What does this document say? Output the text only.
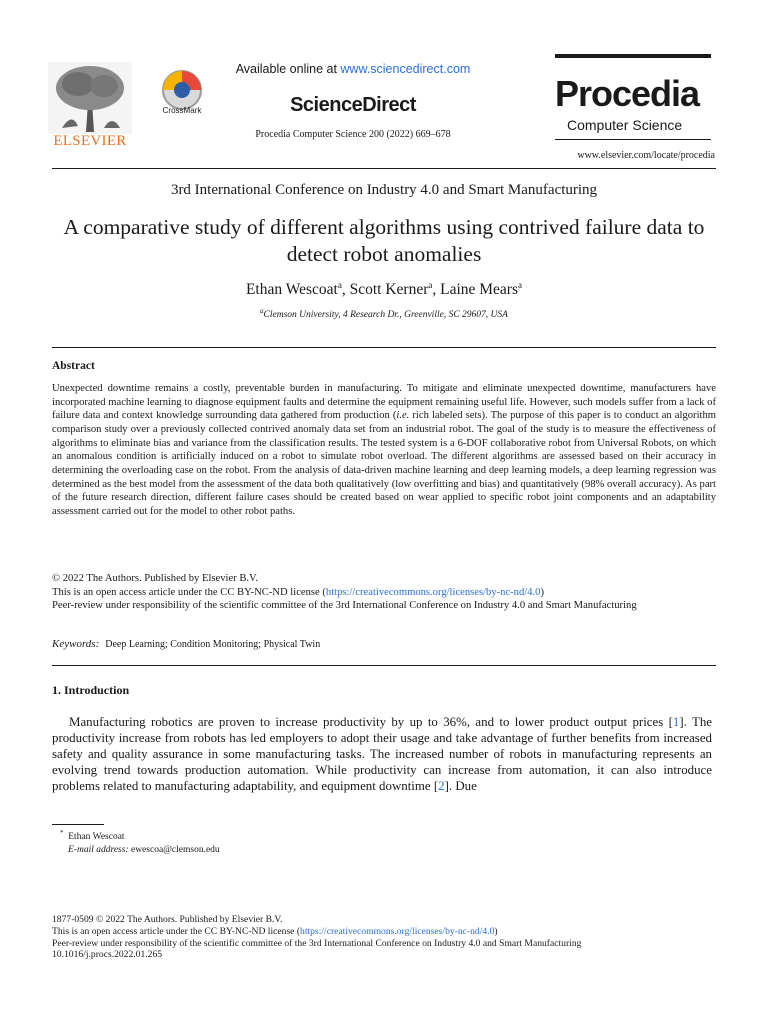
ELSEVIER
CrossMark
Available online at www.sciencedirect.com
ScienceDirect
Procedia Computer Science 200 (2022) 669–678
Procedia
Computer Science
www.elsevier.com/locate/procedia
3rd International Conference on Industry 4.0 and Smart Manufacturing
A comparative study of different algorithms using contrived failure data to detect robot anomalies
Ethan Wescoat$^a$, Scott Kerner$^a$, Laine Mears$^a$
$^a$Clemson University, 4 Research Dr., Greenville, SC 29607, USA
Abstract
Unexpected downtime remains a costly, preventable burden in manufacturing. To mitigate and eliminate unexpected downtime, manufacturers have incorporated machine learning to diagnose equipment faults and determine the equipment remaining useful life. However, such models suffer from a lack of failure data and context knowledge surrounding data gathered from production (i.e. rich labeled sets). The purpose of this paper is to conduct an algorithm comparison study over a previously collected contrived anomaly data set from an industrial robot. The goal of the study is to measure the effectiveness of algorithms to eliminate bias and variance from the classification results. The tested system is a 6-DOF collaborative robot from Universal Robots, on which an anomalous condition is artificially induced on a robot to simulate robot overload. The different algorithms are assessed based on their accuracy in determining the overloading case on the robot. From the analysis of data-driven machine learning and deep learning models, a deep learning regression was determined as the best model from the assessment of the data both qualitatively (low overfitting and bias) and quantitatively (98% overall accuracy). As part of the future research direction, different failure cases should be created based on wear applied to specific robot joint components and an adaptability assessment carried out for the model to other robot paths.

© 2022 The Authors. Published by Elsevier B.V.

This is an open access article under the CC BY-NC-ND license (https://creativecommons.org/licenses/by-nc-nd/4.0)

Peer-review under responsibility of the scientific committee of the 3rd International Conference on Industry 4.0 and Smart Manufacturing

Keywords: Deep Learning; Condition Monitoring; Physical Twin
1. Introduction
Manufacturing robotics are proven to increase productivity by up to 36%, and to lower product output prices [1]. The productivity increase from robots has led employers to adopt their usage and take advantage of further benefits from increased safety and quality assurance in some manufacturing tasks. The increased number of robots in manufacturing represents an evolving trend towards production automation. While productivity can increase from automation, it can also introduce problems related to manufacturing adaptability, and equipment downtime [2]. Due
* Ethan Wescoat
E-mail address: ewescoa@clemson.edu

1877-0509 © 2022 The Authors. Published by Elsevier B.V.

This is an open access article under the CC BY-NC-ND license (https://creativecommons.org/licenses/by-nc-nd/4.0)

Peer-review under responsibility of the scientific committee of the 3rd International Conference on Industry 4.0 and Smart Manufacturing

10.1016/j.procs.2022.01.265
